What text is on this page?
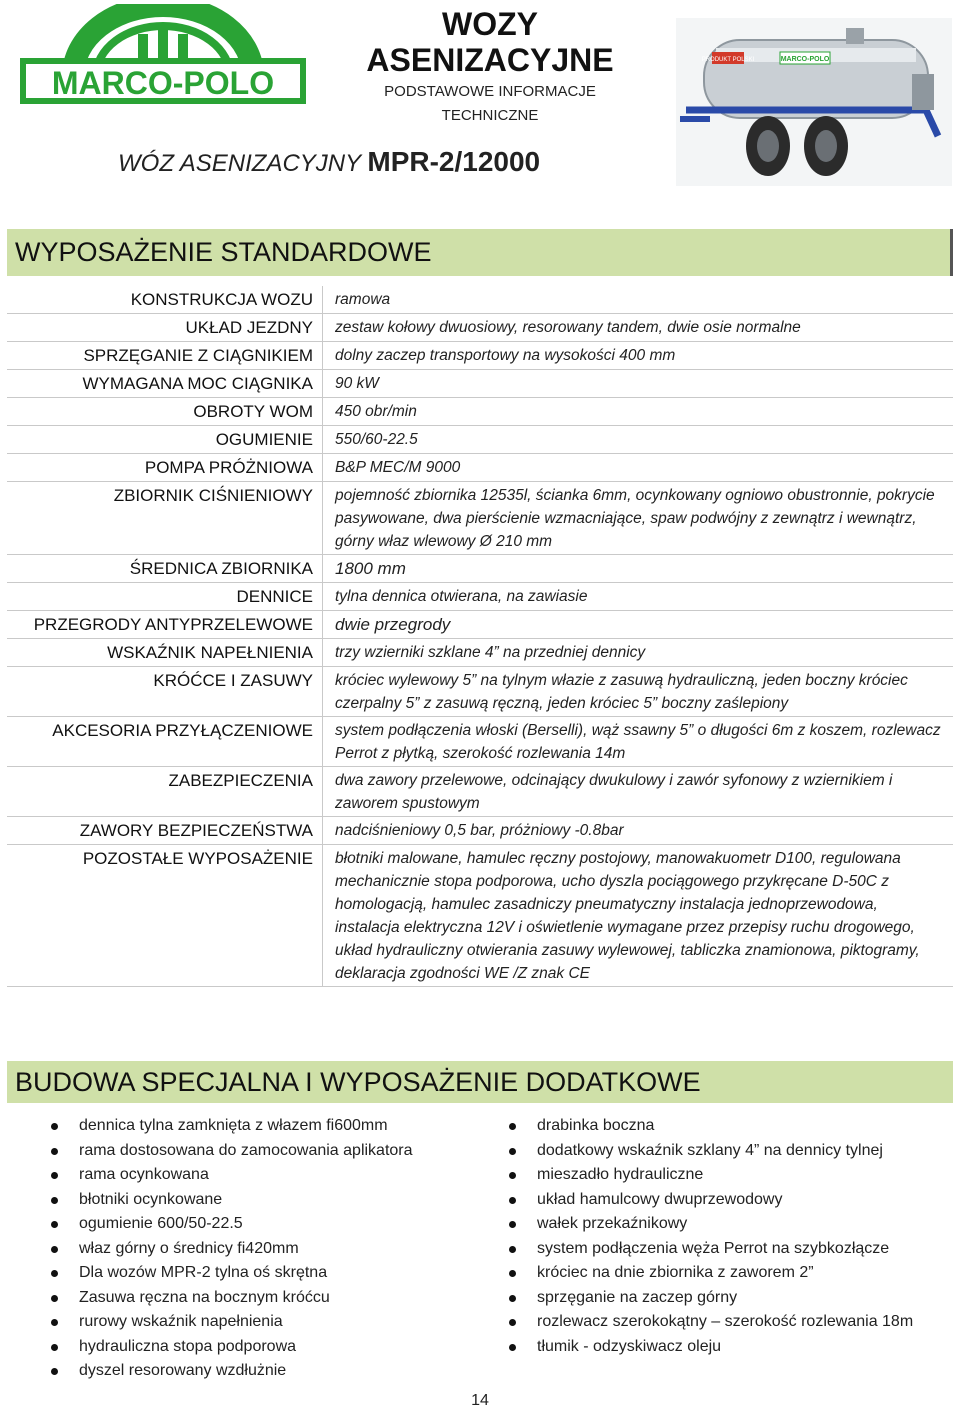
MARCO-POLO
WOZY
ASENIZACYJNE
PODSTAWOWE INFORMACJE
TECHNICZNE
WÓZ ASENIZACYJNY MPR-2/12000
PRODUKT POLSKI	MARCO-POLO
WYPOSAŻENIE STANDARDOWE
KONSTRUKCJA WOZU	ramowa
UKŁAD JEZDNY	zestaw kołowy dwuosiowy, resorowany tandem, dwie osie normalne
SPRZĘGANIE Z CIĄGNIKIEM	dolny zaczep transportowy na wysokości 400 mm
WYMAGANA MOC CIĄGNIKA	90 kW
OBROTY WOM	450 obr/min
OGUMIENIE	550/60-22.5
POMPA PRÓŻNIOWA	B&P MEC/M 9000
ZBIORNIK CIŚNIENIOWY	pojemność zbiornika 12535l, ścianka 6mm, ocynkowany ogniowo obustronnie, pokrycie pasywowane, dwa pierścienie wzmacniające, spaw podwójny z zewnątrz i wewnątrz, górny właz wlewowy Ø 210 mm
ŚREDNICA ZBIORNIKA	1800 mm
DENNICE	tylna dennica otwierana, na zawiasie
PRZEGRODY ANTYPRZELEWOWE	dwie przegrody
WSKAŹNIK NAPEŁNIENIA	trzy wzierniki szklane 4” na przedniej dennicy
KRÓĆCE I ZASUWY	króciec wylewowy 5” na tylnym włazie z zasuwą hydrauliczną, jeden boczny króciec czerpalny 5” z zasuwą ręczną, jeden króciec 5” boczny zaślepiony
AKCESORIA PRZYŁĄCZENIOWE	system podłączenia włoski (Berselli), wąż ssawny 5” o długości 6m z koszem, rozlewacz Perrot z płytką, szerokość rozlewania 14m
ZABEZPIECZENIA	dwa zawory przelewowe, odcinający dwukulowy i zawór syfonowy z wziernikiem i zaworem spustowym
ZAWORY BEZPIECZEŃSTWA	nadciśnieniowy 0,5 bar, próżniowy -0.8bar
POZOSTAŁE WYPOSAŻENIE	błotniki malowane, hamulec ręczny postojowy, manowakuometr D100, regulowana mechanicznie stopa podporowa, ucho dyszla pociągowego przykręcane D-50C z homologacją, hamulec zasadniczy pneumatyczny instalacja jednoprzewodowa, instalacja elektryczna 12V i oświetlenie wymagane przez przepisy ruchu drogowego, układ hydrauliczny otwierania zasuwy wylewowej, tabliczka znamionowa, piktogramy, deklaracja zgodności WE /Z znak CE
BUDOWA SPECJALNA I WYPOSAŻENIE DODATKOWE
dennica tylna zamknięta z włazem fi600mm
rama dostosowana do zamocowania aplikatora
rama ocynkowana
błotniki ocynkowane
ogumienie 600/50-22.5
właz górny o średnicy fi420mm
Dla wozów MPR-2 tylna oś skrętna
Zasuwa ręczna na bocznym króćcu
rurowy wskaźnik napełnienia
hydrauliczna stopa podporowa
dyszel resorowany wzdłużnie
drabinka boczna
dodatkowy wskaźnik szklany 4” na dennicy tylnej
mieszadło hydrauliczne
układ hamulcowy dwuprzewodowy
wałek przekaźnikowy
system podłączenia węża Perrot na szybkozłącze
króciec na dnie zbiornika z zaworem 2”
sprzęganie na zaczep górny
rozlewacz szerokokątny – szerokość rozlewania 18m
tłumik - odzyskiwacz oleju
14
